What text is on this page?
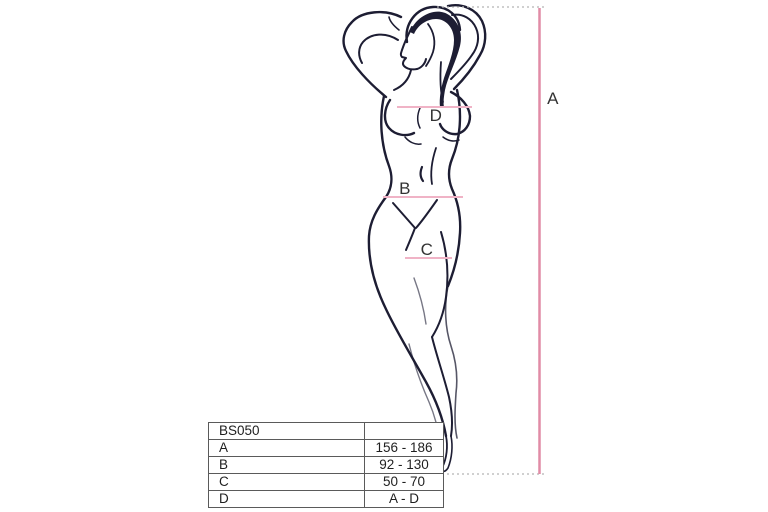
A
B
C
D
BS050	
A	156 - 186
B	92 - 130
C	50 - 70
D	A - D
